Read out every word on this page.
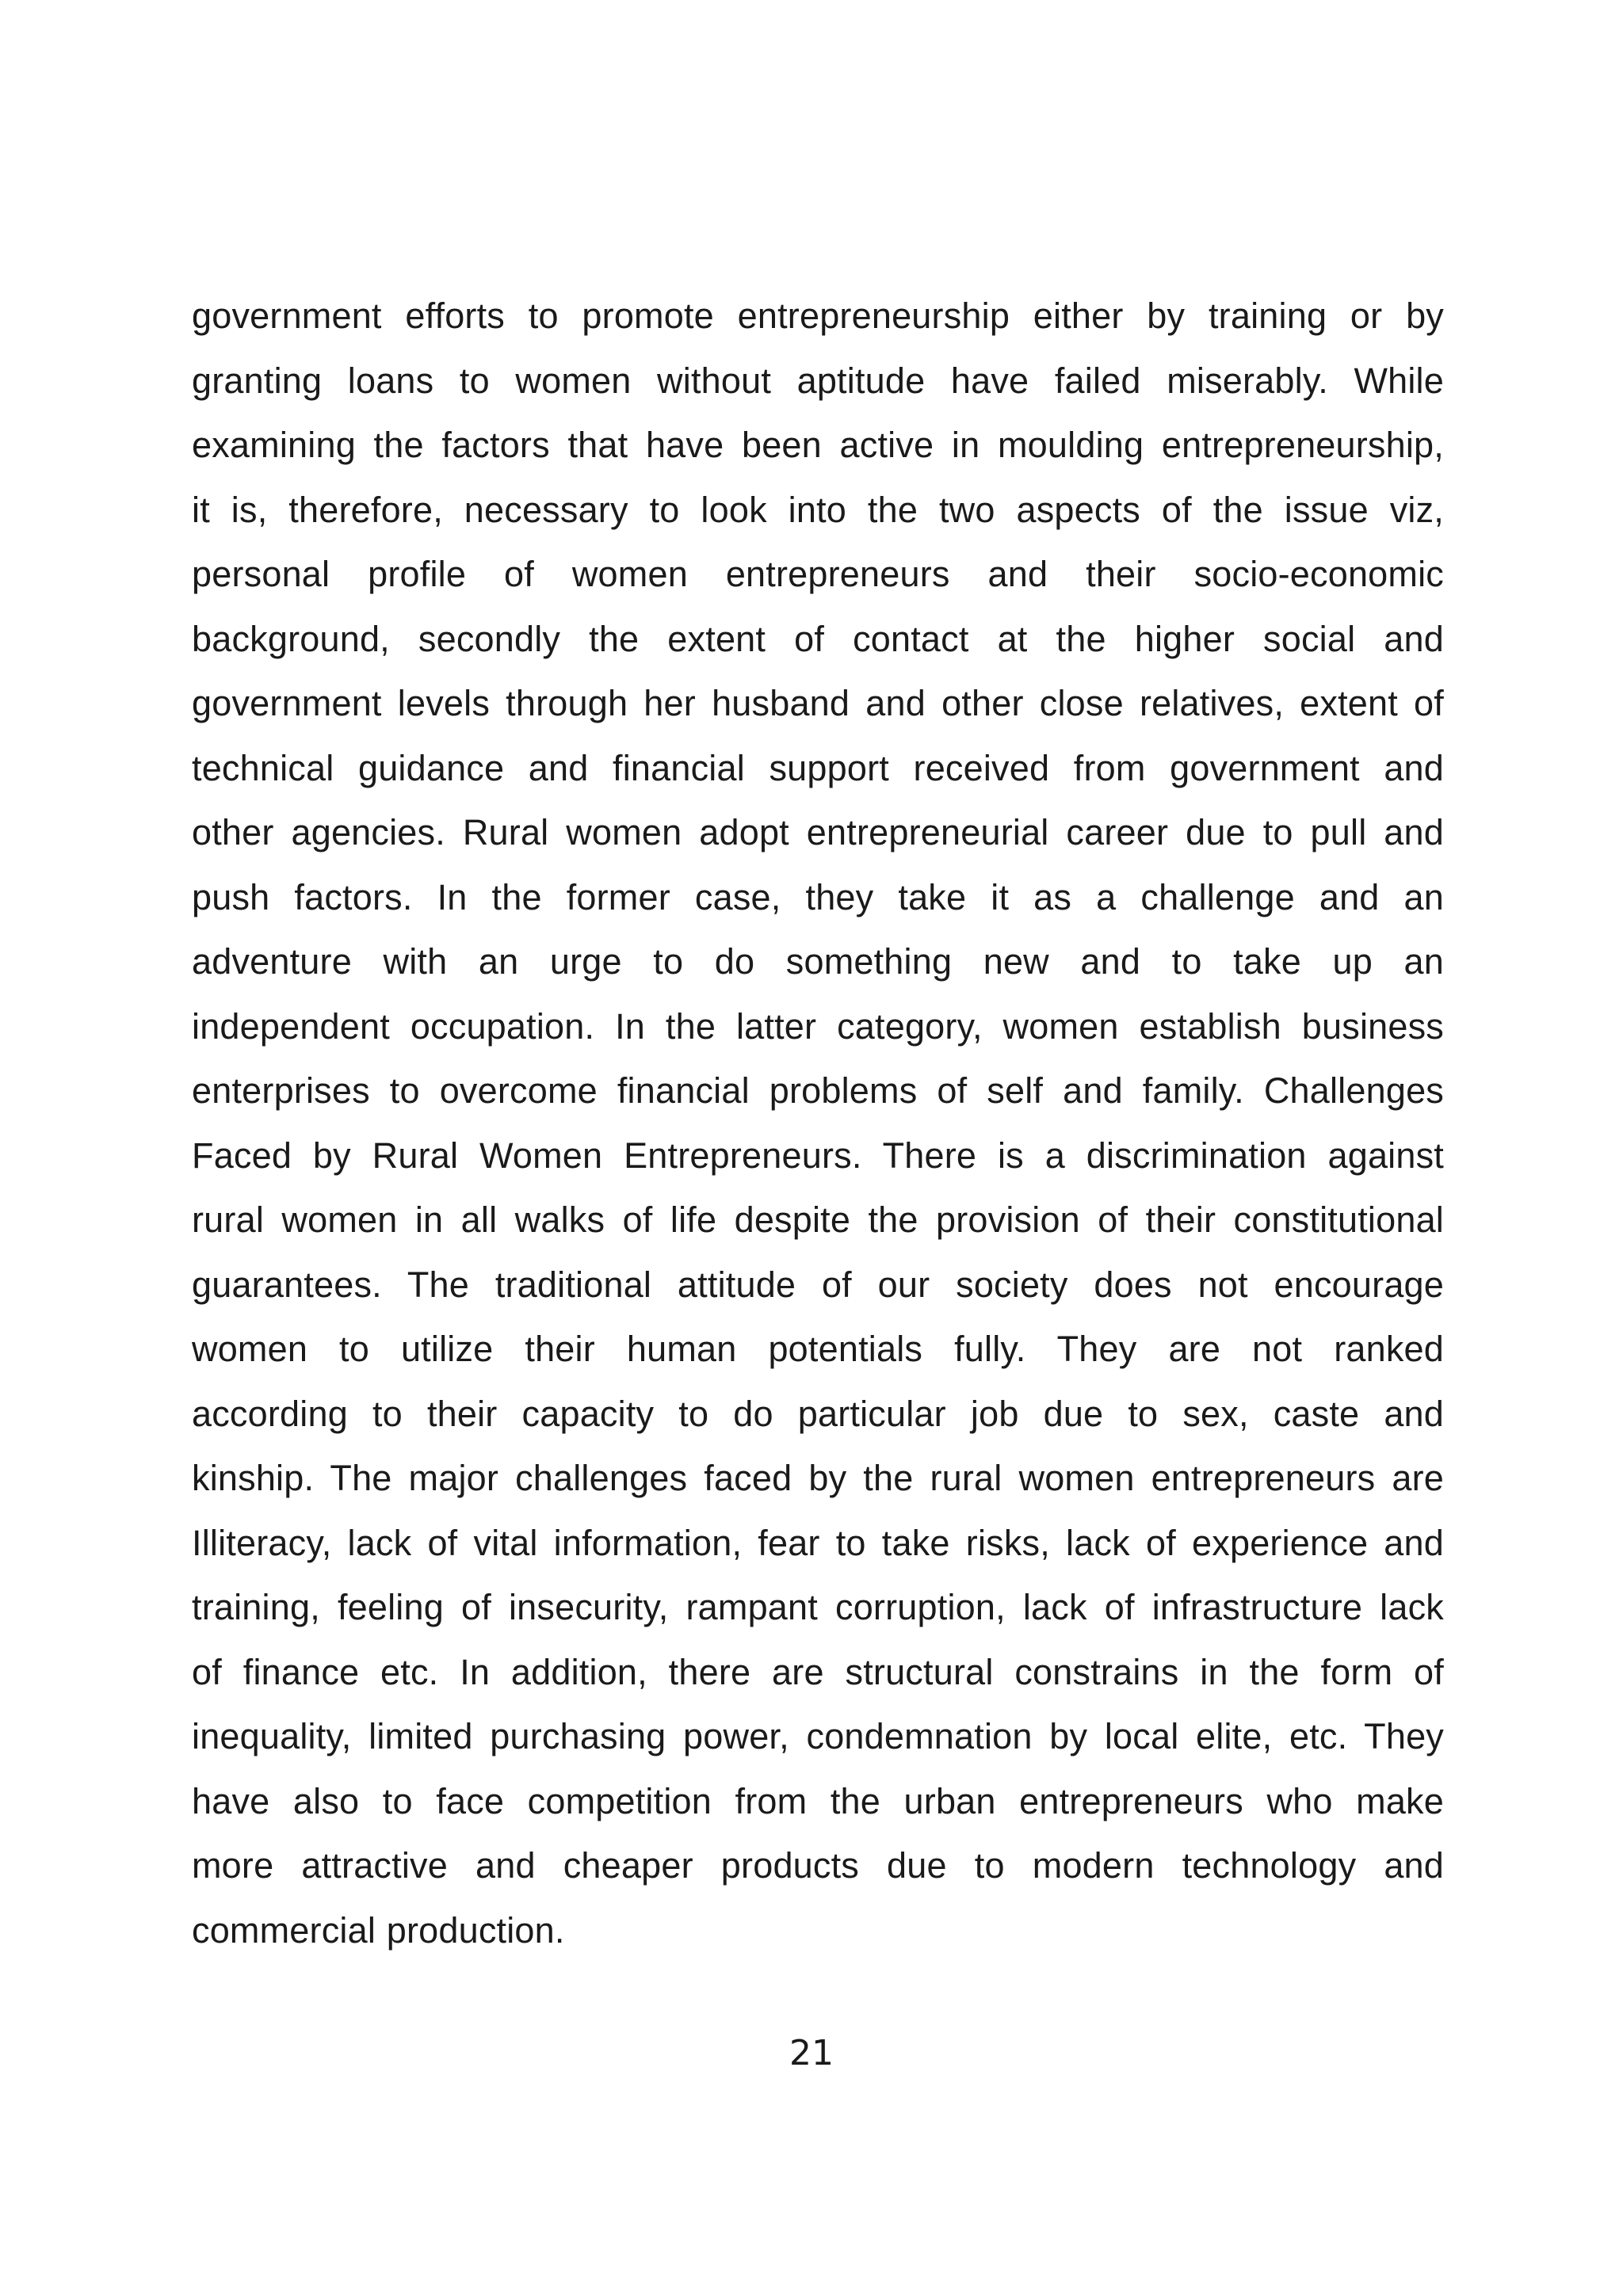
government efforts to promote entrepreneurship either by training or by
granting loans to women without aptitude have failed miserably. While
examining the factors that have been active in moulding entrepreneurship,
it is, therefore, necessary to look into the two aspects of the issue viz,
personal profile of women entrepreneurs and their socio-economic
background, secondly the extent of contact at the higher social and
government levels through her husband and other close relatives, extent of
technical guidance and financial support received from government and
other agencies. Rural women adopt entrepreneurial career due to pull and
push factors. In the former case, they take it as a challenge and an
adventure with an urge to do something new and to take up an
independent occupation. In the latter category, women establish business
enterprises to overcome financial problems of self and family. Challenges
Faced by Rural Women Entrepreneurs. There is a discrimination against
rural women in all walks of life despite the provision of their constitutional
guarantees. The traditional attitude of our society does not encourage
women to utilize their human potentials fully. They are not ranked
according to their capacity to do particular job due to sex, caste and
kinship. The major challenges faced by the rural women entrepreneurs are
Illiteracy, lack of vital information, fear to take risks, lack of experience and
training, feeling of insecurity, rampant corruption, lack of infrastructure lack
of finance etc. In addition, there are structural constrains in the form of
inequality, limited purchasing power, condemnation by local elite, etc. They
have also to face competition from the urban entrepreneurs who make
more attractive and cheaper products due to modern technology and
commercial production.

21
